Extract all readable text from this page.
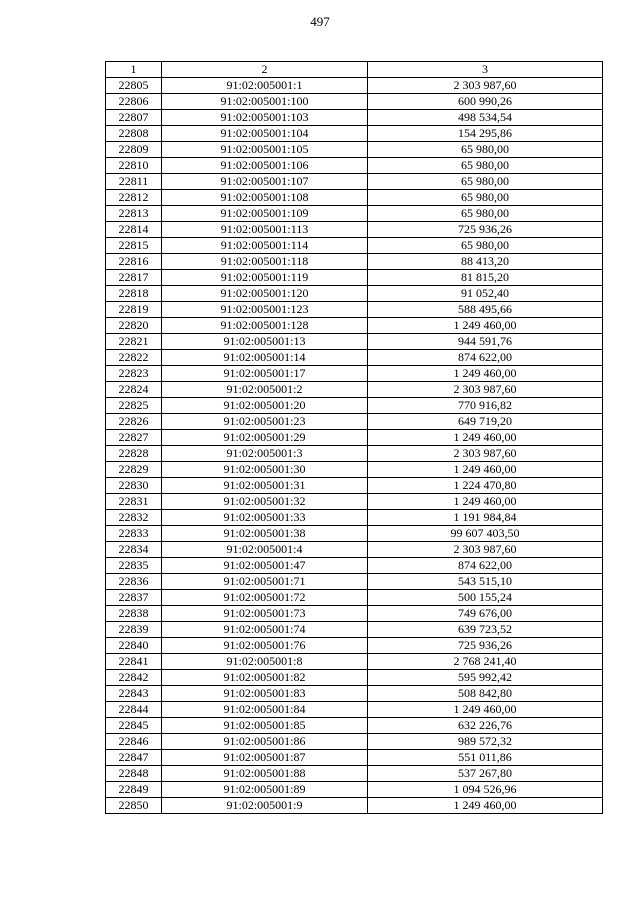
497
1	2	3
22805	91:02:005001:1	2 303 987,60
22806	91:02:005001:100	600 990,26
22807	91:02:005001:103	498 534,54
22808	91:02:005001:104	154 295,86
22809	91:02:005001:105	65 980,00
22810	91:02:005001:106	65 980,00
22811	91:02:005001:107	65 980,00
22812	91:02:005001:108	65 980,00
22813	91:02:005001:109	65 980,00
22814	91:02:005001:113	725 936,26
22815	91:02:005001:114	65 980,00
22816	91:02:005001:118	88 413,20
22817	91:02:005001:119	81 815,20
22818	91:02:005001:120	91 052,40
22819	91:02:005001:123	588 495,66
22820	91:02:005001:128	1 249 460,00
22821	91:02:005001:13	944 591,76
22822	91:02:005001:14	874 622,00
22823	91:02:005001:17	1 249 460,00
22824	91:02:005001:2	2 303 987,60
22825	91:02:005001:20	770 916,82
22826	91:02:005001:23	649 719,20
22827	91:02:005001:29	1 249 460,00
22828	91:02:005001:3	2 303 987,60
22829	91:02:005001:30	1 249 460,00
22830	91:02:005001:31	1 224 470,80
22831	91:02:005001:32	1 249 460,00
22832	91:02:005001:33	1 191 984,84
22833	91:02:005001:38	99 607 403,50
22834	91:02:005001:4	2 303 987,60
22835	91:02:005001:47	874 622,00
22836	91:02:005001:71	543 515,10
22837	91:02:005001:72	500 155,24
22838	91:02:005001:73	749 676,00
22839	91:02:005001:74	639 723,52
22840	91:02:005001:76	725 936,26
22841	91:02:005001:8	2 768 241,40
22842	91:02:005001:82	595 992,42
22843	91:02:005001:83	508 842,80
22844	91:02:005001:84	1 249 460,00
22845	91:02:005001:85	632 226,76
22846	91:02:005001:86	989 572,32
22847	91:02:005001:87	551 011,86
22848	91:02:005001:88	537 267,80
22849	91:02:005001:89	1 094 526,96
22850	91:02:005001:9	1 249 460,00
